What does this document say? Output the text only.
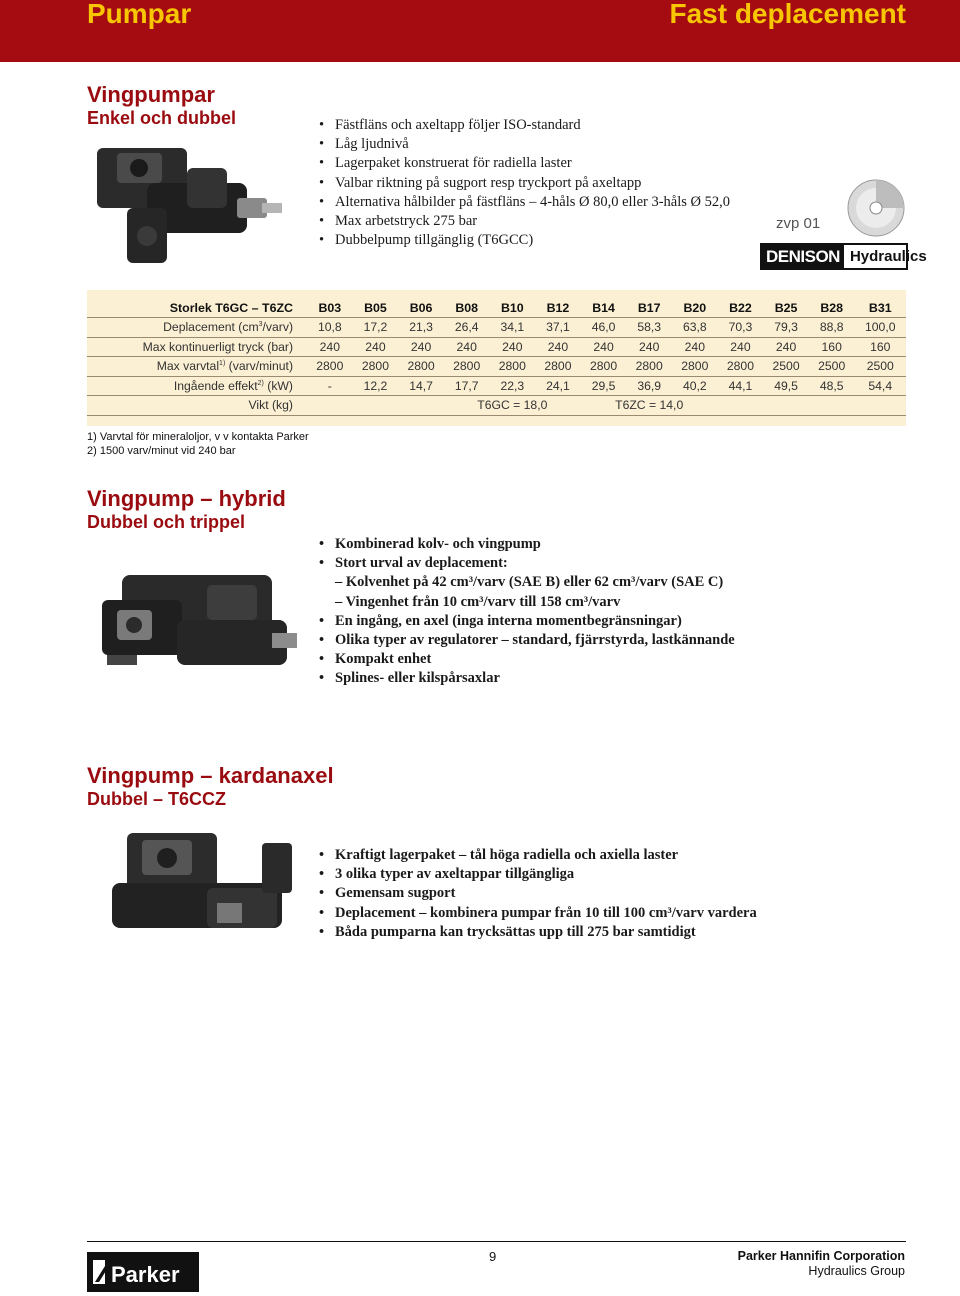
Pumpar	Fast deplacement
Vingpumpar
Enkel och dubbel	• Fästfläns och axeltapp följer ISO-standard
• Låg ljudnivå
• Lagerpaket konstruerat för radiella laster
• Valbar riktning på sugport resp tryckport på axeltapp
• Alternativa hålbilder på fästfläns – 4-håls Ø 80,0 eller 3-håls Ø 52,0
• Max arbetstryck 275 bar
• Dubbelpump tillgänglig (T6GCC)
zvp 01
DENISON Hydraulics
Storlek T6GC – T6ZC	B03	B05	B06	B08	B10	B12	B14	B17	B20	B22	B25	B28	B31
Deplacement $(cm^3/varv)$	10,8	17,2	21,3	26,4	34,1	37,1	46,0	58,3	63,8	70,3	79,3	88,8	100,0
Max kontinuerligt tryck (bar)	240	240	240	240	240	240	240	240	240	240	240	160	160
Max varvtal$^{1)}$ (varv/minut)	2800	2800	2800	2800	2800	2800	2800	2800	2800	2800	2500	2500	2500
Ingående effekt$^{2)}$ (kW)	-	12,2	14,7	17,7	22,3	24,1	29,5	36,9	40,2	44,1	49,5	48,5	54,4
Vikt (kg)				T6GC = 18,0			T6ZC = 14,0						
1) Varvtal för mineraloljor, v v kontakta Parker
2) 1500 varv/minut vid 240 bar
Vingpump – hybrid
Dubbel och trippel
• Kombinerad kolv- och vingpump
• Stort urval av deplacement:
– Kolvenhet på 42 cm³/varv (SAE B) eller 62 cm³/varv (SAE C)
– Vingenhet från 10 cm³/varv till 158 cm³/varv
• En ingång, en axel (inga interna momentbegränsningar)
• Olika typer av regulatorer – standard, fjärrstyrda, lastkännande
• Kompakt enhet
• Splines- eller kilspårsaxlar
Vingpump – kardanaxel
Dubbel – T6CCZ
• Kraftigt lagerpaket – tål höga radiella och axiella laster
• 3 olika typer av axeltappar tillgängliga
• Gemensam sugport
• Deplacement – kombinera pumpar från 10 till 100 cm³/varv vardera
• Båda pumparna kan trycksättas upp till 275 bar samtidigt
Parker
9	Parker Hannifin Corporation
Hydraulics Group
